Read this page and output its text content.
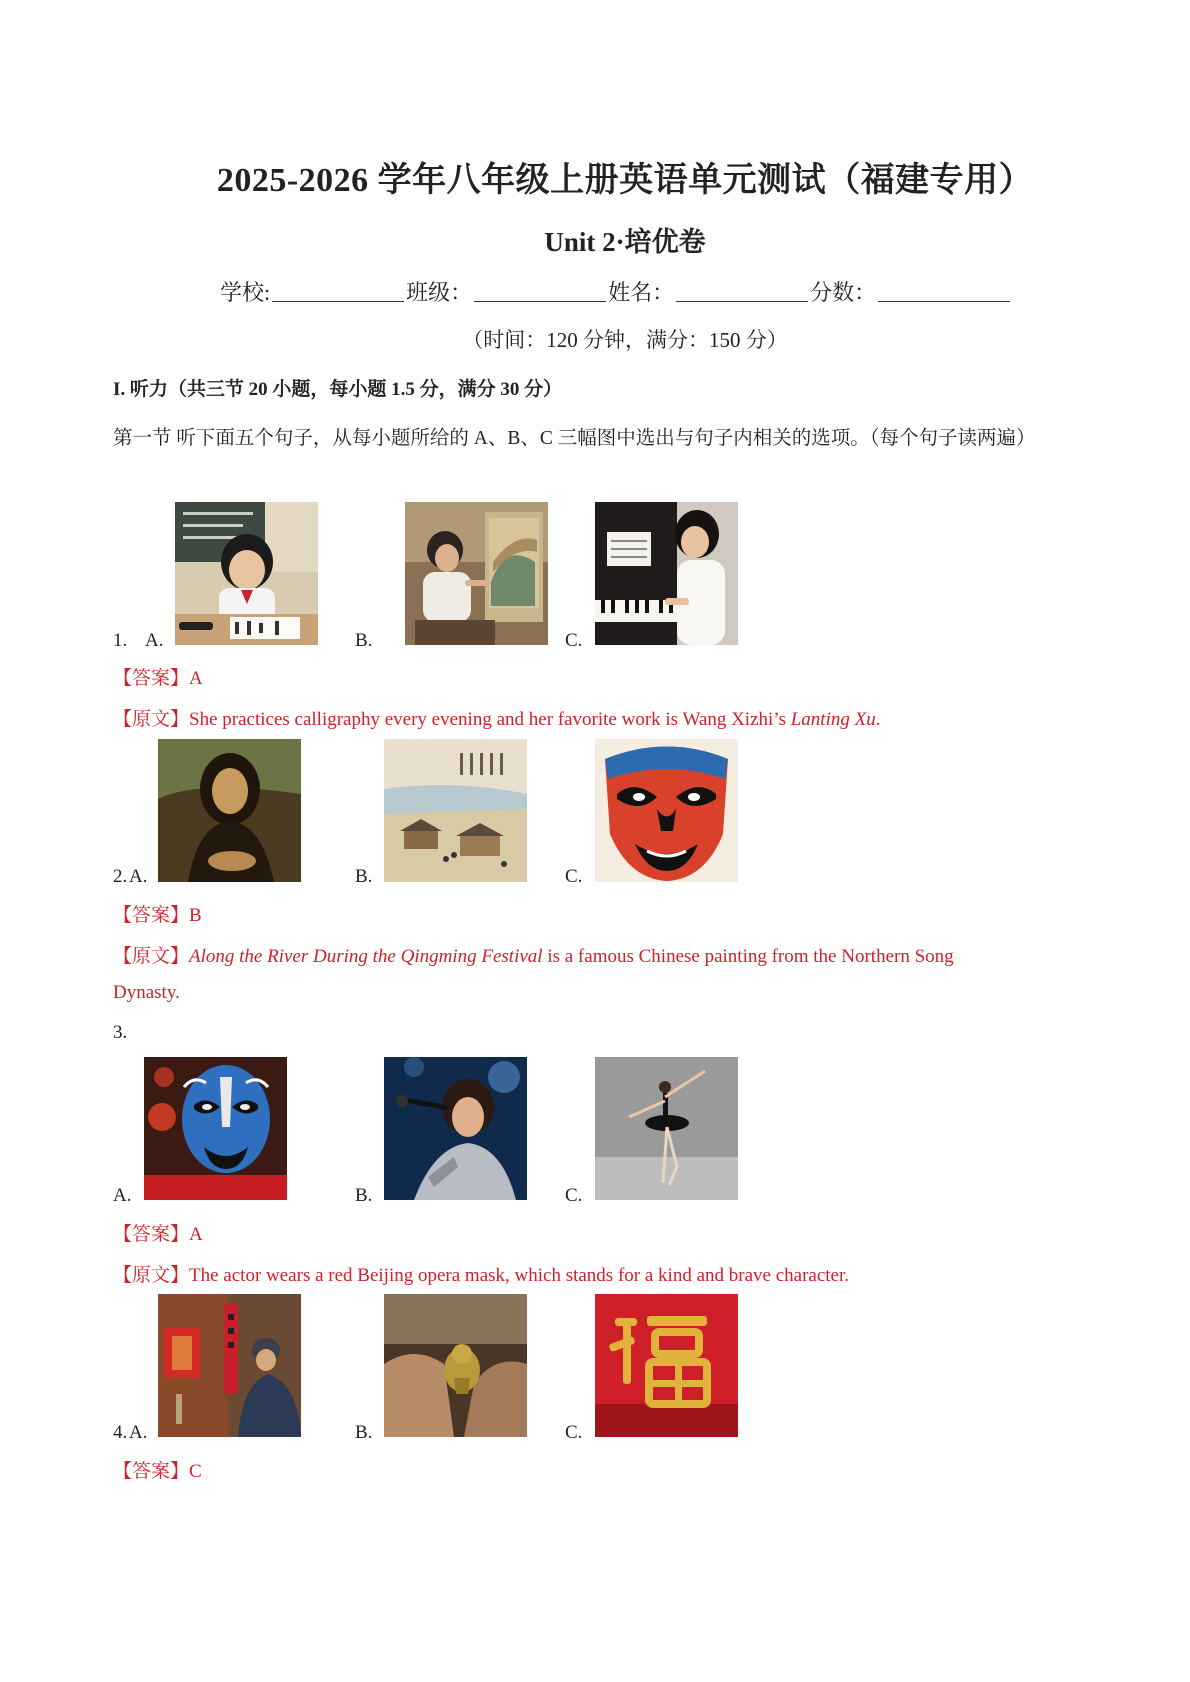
2025-2026 学年八年级上册英语单元测试（福建专用）
Unit 2·培优卷
学校:	班级：	姓名：	分数：
（时间：120 分钟，满分：150 分）
I. 听力（共三节 20 小题，每小题 1.5 分，满分 30 分）
第一节 听下面五个句子，从每小题所给的 A、B、C 三幅图中选出与句子内相关的选项。（每个句子读两遍）
1. A.	B.	C.
【答案】A
【原文】She practices calligraphy every evening and her favorite work is Wang Xizhi’s Lanting Xu.
2. A.	B.	C.
【答案】B
【原文】Along the River During the Qingming Festival is a famous Chinese painting from the Northern Song
Dynasty.
3.
A.	B.	C.
【答案】A
【原文】The actor wears a red Beijing opera mask, which stands for a kind and brave character.
4. A.	B.	C.
【答案】C
